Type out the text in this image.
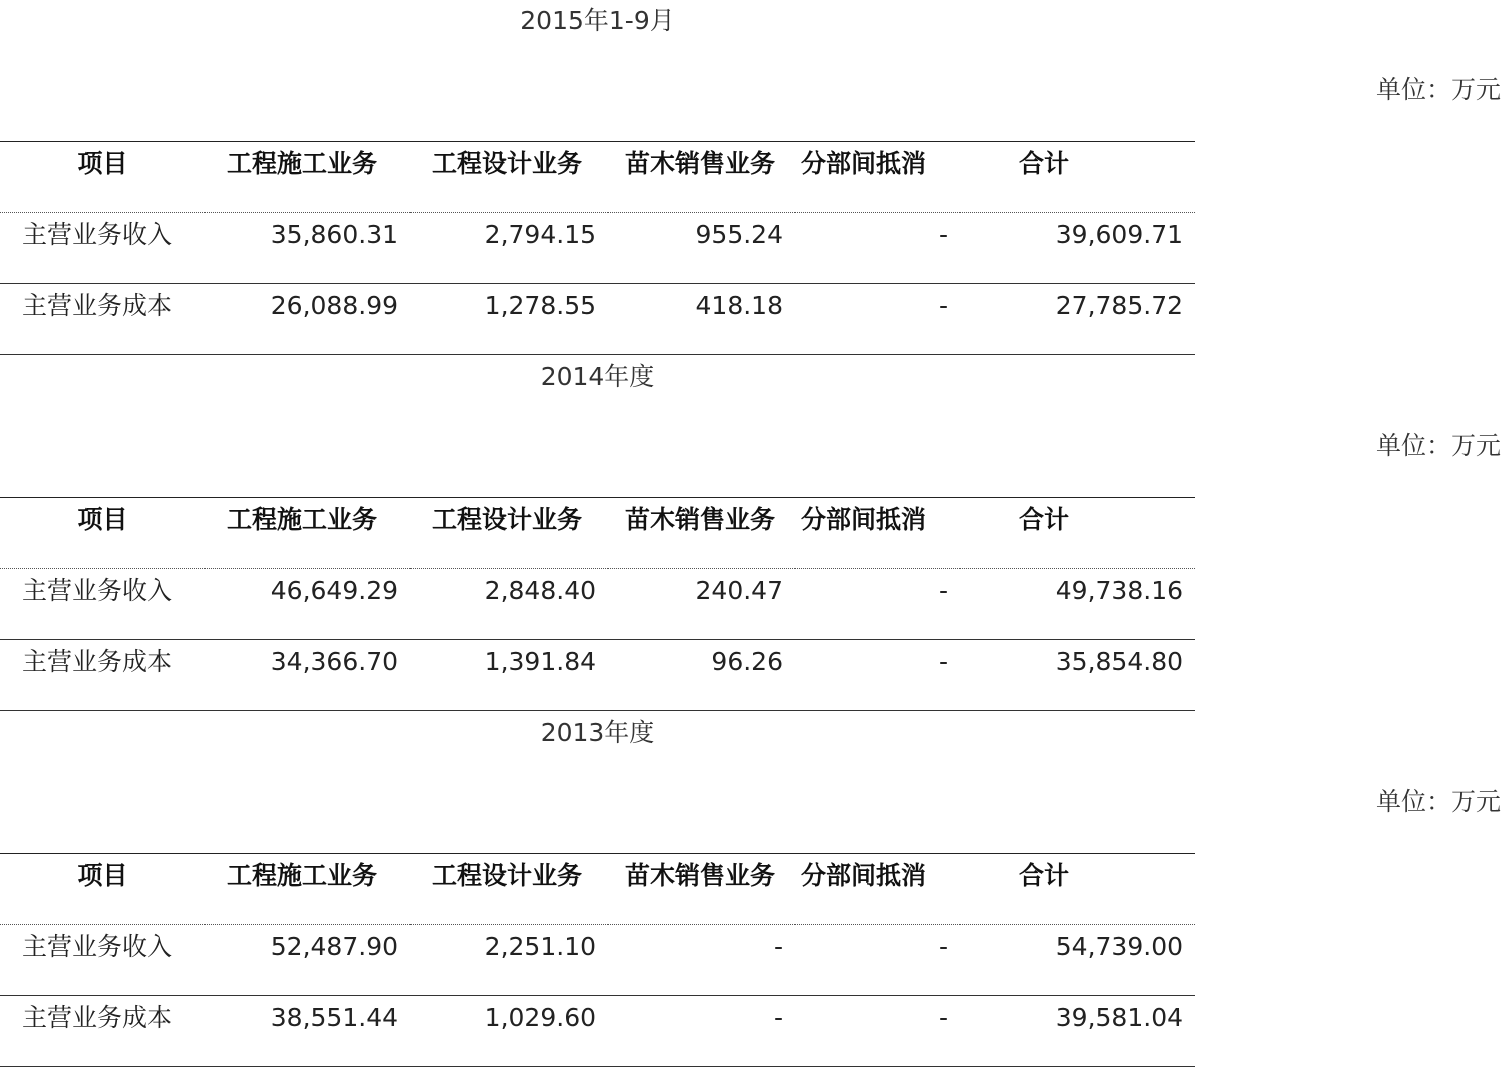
2015年1-9月
单位：万元
项目	工程施工业务	工程设计业务	苗木销售业务	分部间抵消	合计
主营业务收入	35,860.31	2,794.15	955.24	-	39,609.71
主营业务成本	26,088.99	1,278.55	418.18	-	27,785.72
2014年度
单位：万元
项目	工程施工业务	工程设计业务	苗木销售业务	分部间抵消	合计
主营业务收入	46,649.29	2,848.40	240.47	-	49,738.16
主营业务成本	34,366.70	1,391.84	96.26	-	35,854.80
2013年度
单位：万元
项目	工程施工业务	工程设计业务	苗木销售业务	分部间抵消	合计
主营业务收入	52,487.90	2,251.10	-	-	54,739.00
主营业务成本	38,551.44	1,029.60	-	-	39,581.04
